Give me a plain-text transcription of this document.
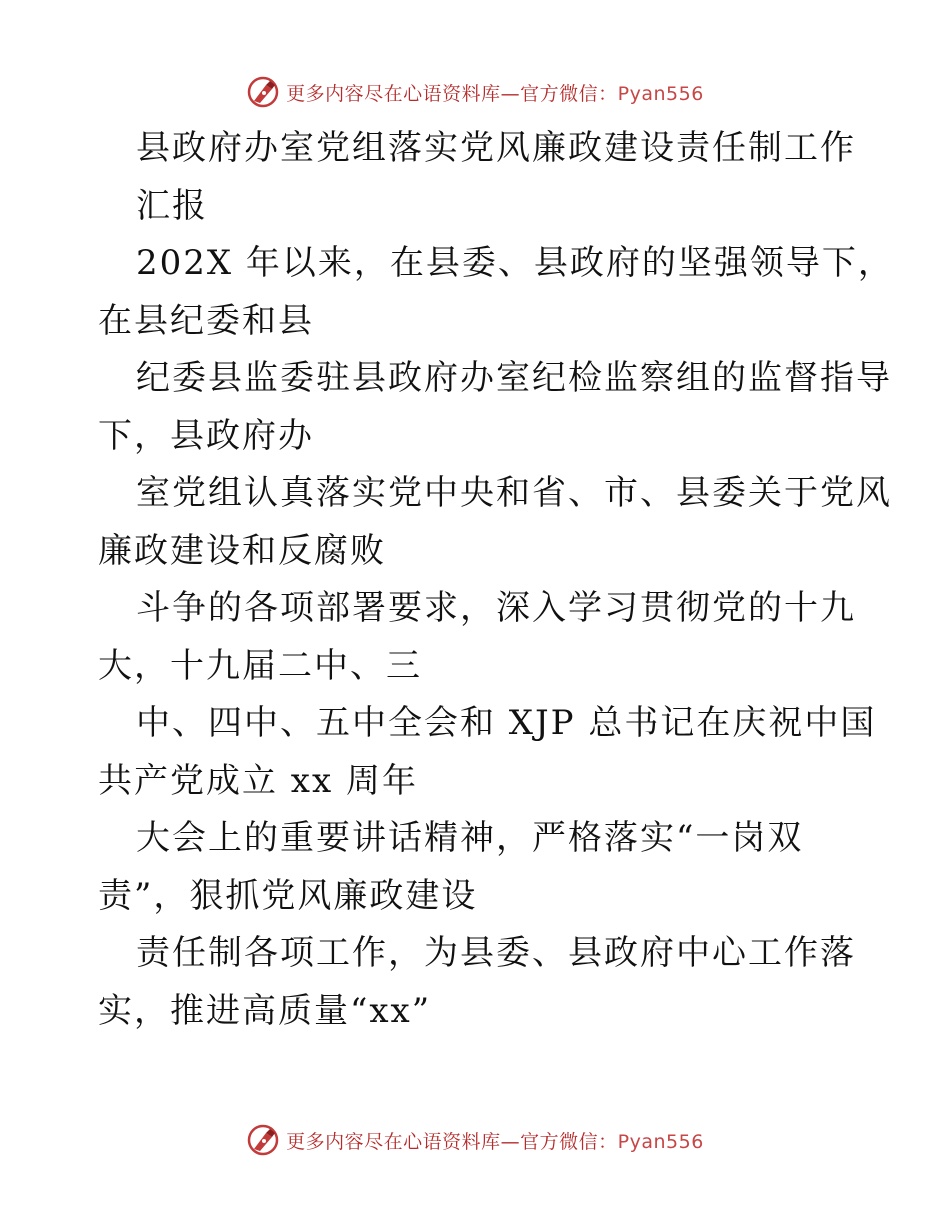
更多内容尽在心语资料库—官方微信：Pyan556
县政府办室党组落实党风廉政建设责任制工作
汇报
202X 年以来，在县委、县政府的坚强领导下，
在县纪委和县
纪委县监委驻县政府办室纪检监察组的监督指导
下，县政府办
室党组认真落实党中央和省、市、县委关于党风
廉政建设和反腐败
斗争的各项部署要求，深入学习贯彻党的十九
大，十九届二中、三
中、四中、五中全会和 XJP 总书记在庆祝中国
共产党成立 xx 周年
大会上的重要讲话精神，严格落实“一岗双
责”，狠抓党风廉政建设
责任制各项工作，为县委、县政府中心工作落
实，推进高质量“xx”
更多内容尽在心语资料库—官方微信：Pyan556
